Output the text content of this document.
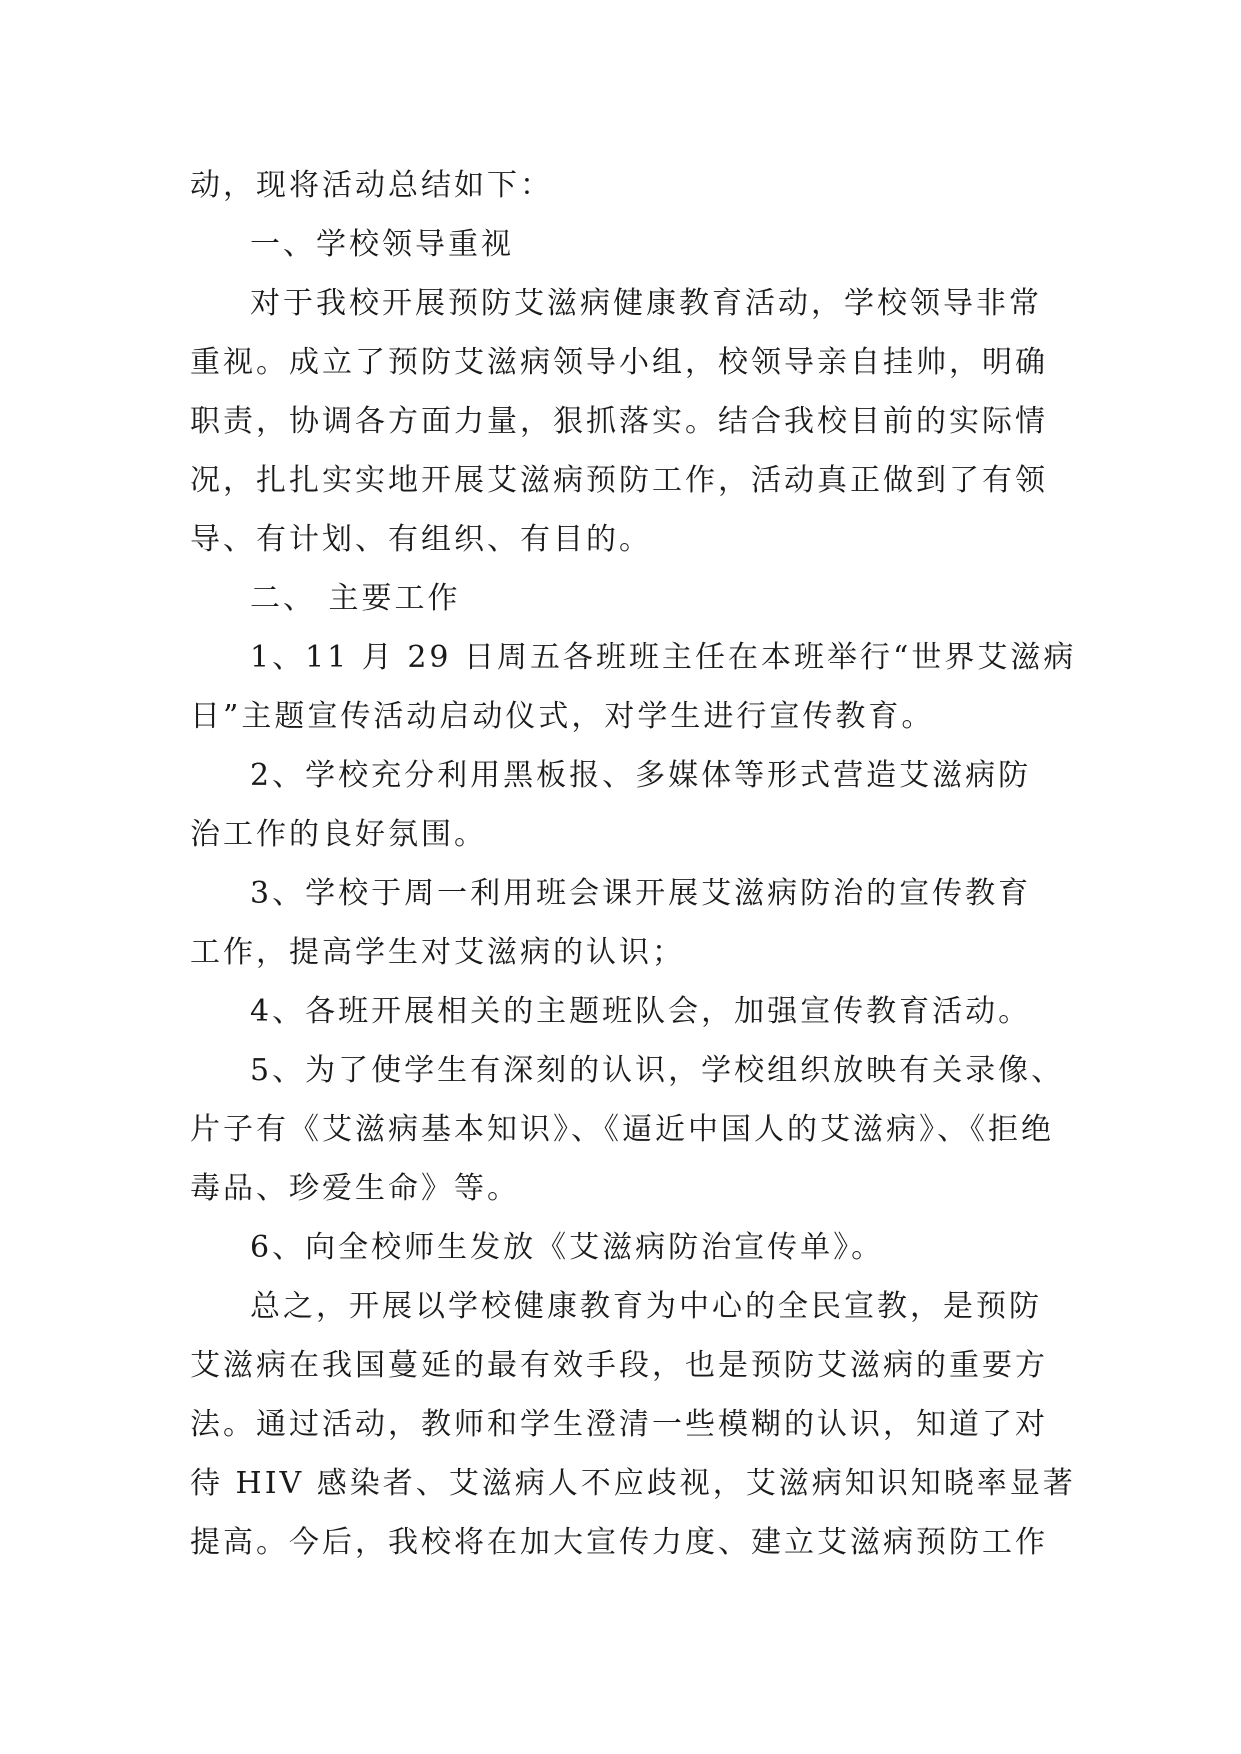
动，现将活动总结如下：
一、学校领导重视
对于我校开展预防艾滋病健康教育活动，学校领导非常
重视。成立了预防艾滋病领导小组，校领导亲自挂帅，明确
职责，协调各方面力量，狠抓落实。结合我校目前的实际情
况，扎扎实实地开展艾滋病预防工作，活动真正做到了有领
导、有计划、有组织、有目的。
二、 主要工作
1、11 月 29 日周五各班班主任在本班举行“世界艾滋病
日”主题宣传活动启动仪式，对学生进行宣传教育。
2、学校充分利用黑板报、多媒体等形式营造艾滋病防
治工作的良好氛围。
3、学校于周一利用班会课开展艾滋病防治的宣传教育
工作，提高学生对艾滋病的认识；
4、各班开展相关的主题班队会，加强宣传教育活动。
5、为了使学生有深刻的认识，学校组织放映有关录像、
片子有《艾滋病基本知识》、《逼近中国人的艾滋病》、《拒绝
毒品、珍爱生命》等。
6、向全校师生发放《艾滋病防治宣传单》。
总之，开展以学校健康教育为中心的全民宣教，是预防
艾滋病在我国蔓延的最有效手段，也是预防艾滋病的重要方
法。通过活动，教师和学生澄清一些模糊的认识，知道了对
待 HIV 感染者、艾滋病人不应歧视，艾滋病知识知晓率显著
提高。今后，我校将在加大宣传力度、建立艾滋病预防工作
